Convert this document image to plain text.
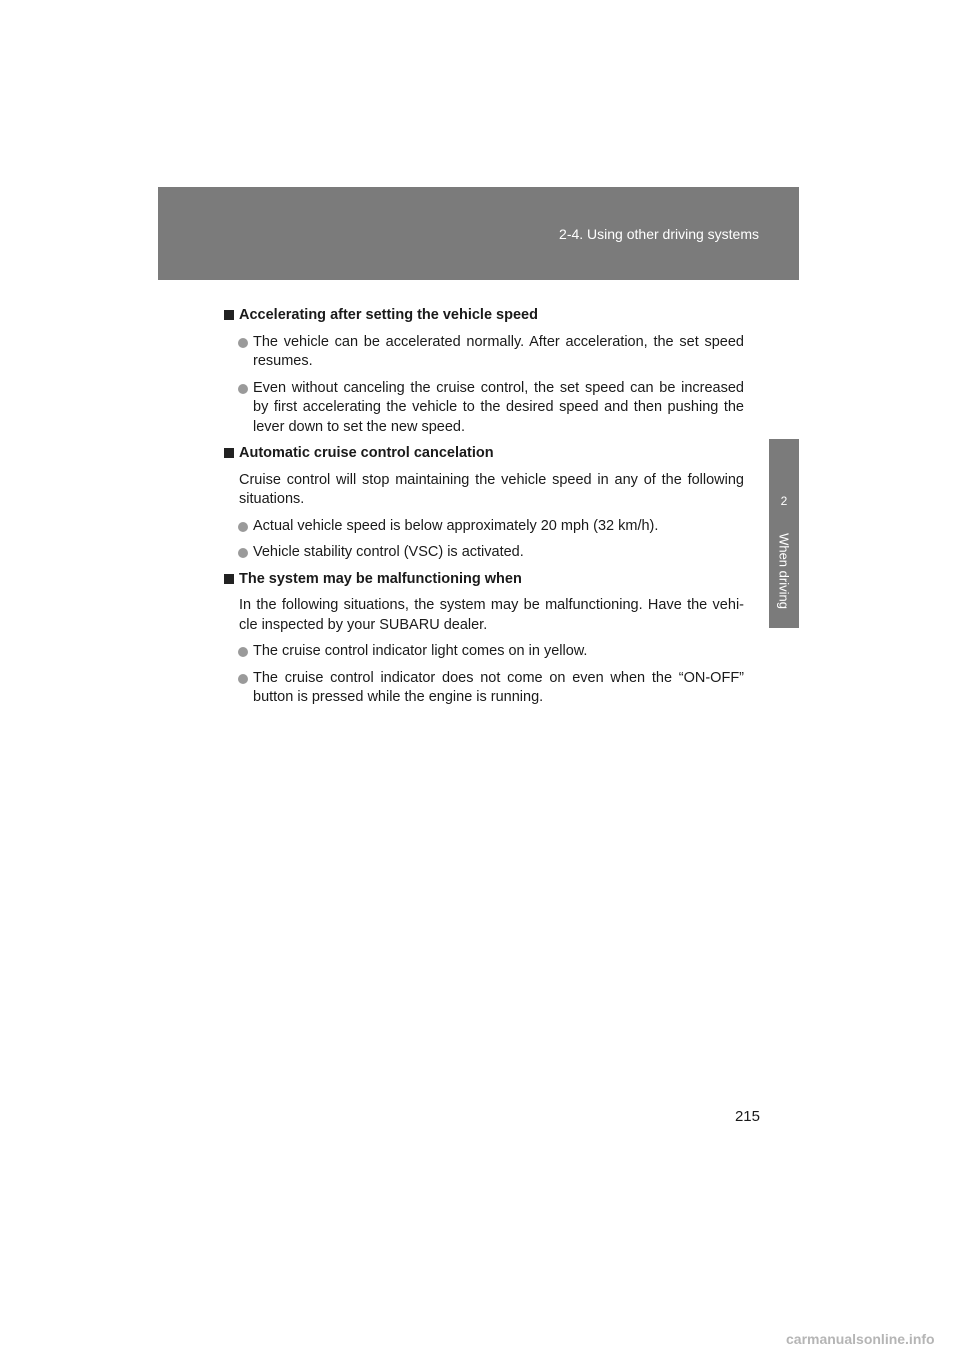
2-4. Using other driving systems
2
When driving
Accelerating after setting the vehicle speed
The vehicle can be accelerated normally. After acceleration, the set speed resumes.
Even without canceling the cruise control, the set speed can be increased by first accelerating the vehicle to the desired speed and then pushing the lever down to set the new speed.
Automatic cruise control cancelation
Cruise control will stop maintaining the vehicle speed in any of the following situations.
Actual vehicle speed is below approximately 20 mph (32 km/h).
Vehicle stability control (VSC) is activated.
The system may be malfunctioning when
In the following situations, the system may be malfunctioning. Have the vehi- cle inspected by your SUBARU dealer.
The cruise control indicator light comes on in yellow.
The cruise control indicator does not come on even when the “ON-OFF” button is pressed while the engine is running.
215
carmanualsonline.info
